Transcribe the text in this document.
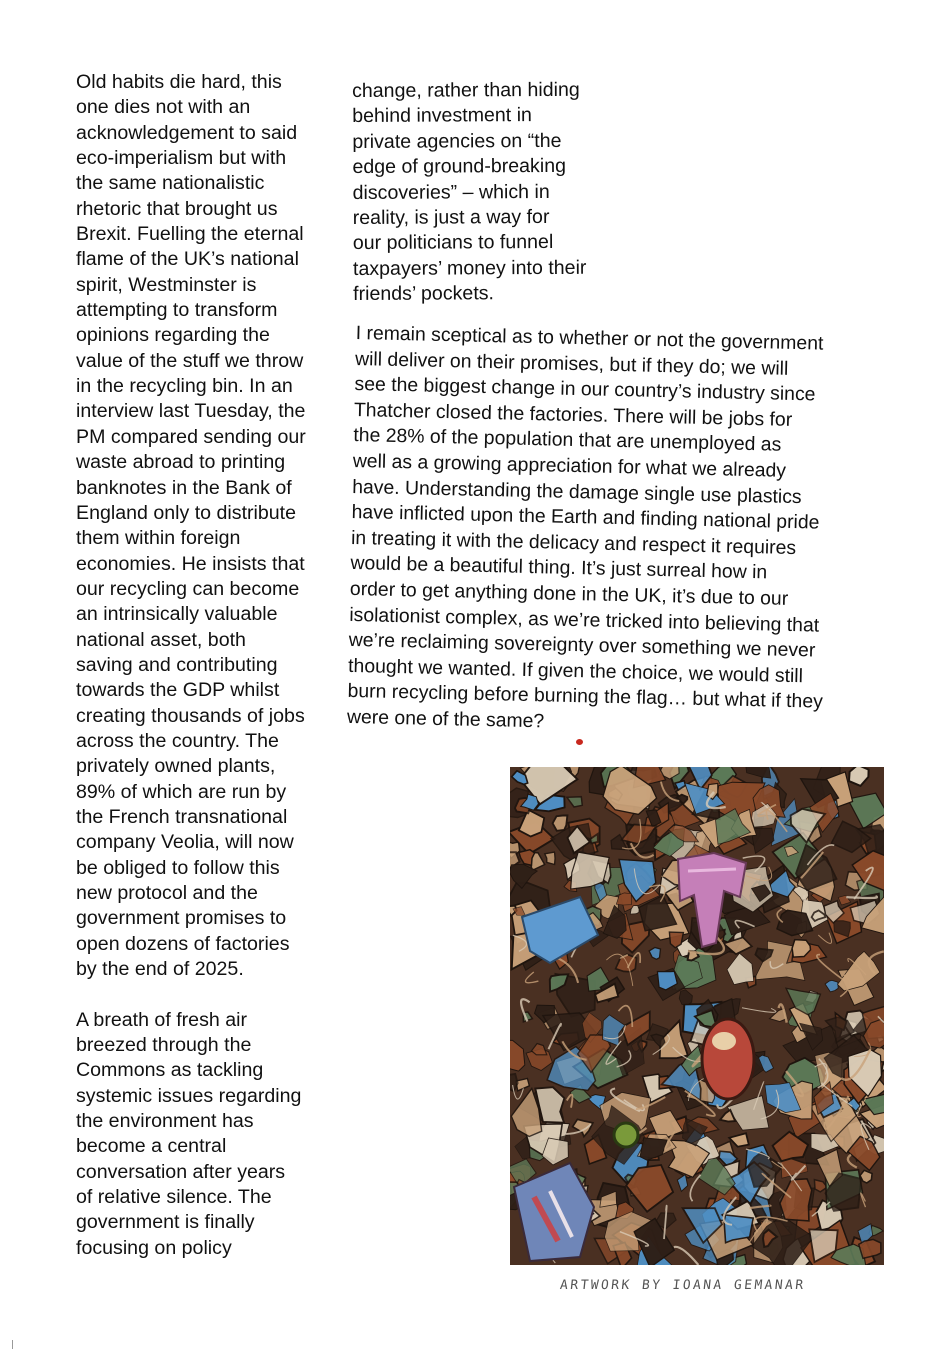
Old habits die hard, this
one dies not with an
acknowledgement to said
eco-imperialism but with
the same nationalistic
rhetoric that brought us
Brexit. Fuelling the eternal
flame of the UK’s national
spirit, Westminster is
attempting to transform
opinions regarding the
value of the stuff we throw
in the recycling bin. In an
interview last Tuesday, the
PM compared sending our
waste abroad to printing
banknotes in the Bank of
England only to distribute
them within foreign
economies. He insists that
our recycling can become
an intrinsically valuable
national asset, both
saving and contributing
towards the GDP whilst
creating thousands of jobs
across the country. The
privately owned plants,
89% of which are run by
the French transnational
company Veolia, will now
be obliged to follow this
new protocol and the
government promises to
open dozens of factories
by the end of 2025.

A breath of fresh air
breezed through the
Commons as tackling
systemic issues regarding
the environment has
become a central
conversation after years
of relative silence. The
government is finally
focusing on policy

change, rather than hiding
behind investment in
private agencies on “the
edge of ground-breaking
discoveries” – which in
reality, is just a way for
our politicians to funnel
taxpayers’ money into their
friends’ pockets.
I remain sceptical as to whether or not the government
will deliver on their promises, but if they do; we will
see the biggest change in our country’s industry since
Thatcher closed the factories. There will be jobs for
the 28% of the population that are unemployed as
well as a growing appreciation for what we already
have. Understanding the damage single use plastics
have inflicted upon the Earth and finding national pride
in treating it with the delicacy and respect it requires
would be a beautiful thing. It’s just surreal how in
order to get anything done in the UK, it’s due to our
isolationist complex, as we’re tricked into believing that
we’re reclaiming sovereignty over something we never
thought we wanted. If given the choice, we would still
burn recycling before burning the flag… but what if they
were one of the same?
ARTWORK BY IOANA GEMANAR
